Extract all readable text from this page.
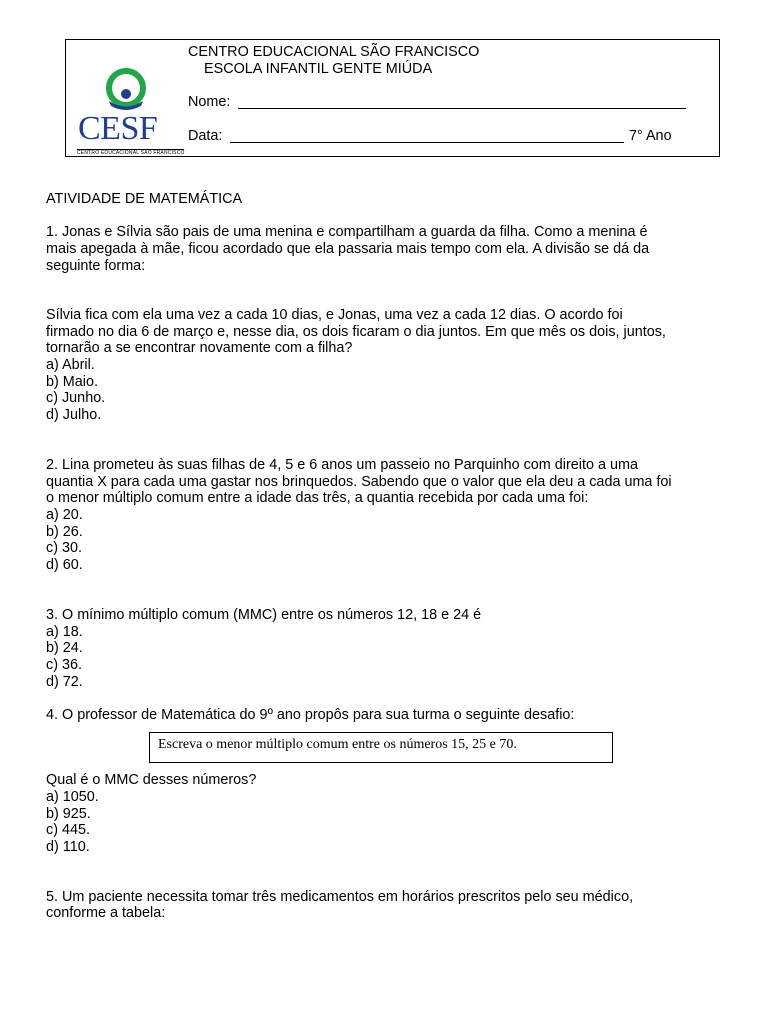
CESF
CENTRO EDUCACIONAL SÃO FRANCISCO
CENTRO EDUCACIONAL SÃO FRANCISCO
ESCOLA INFANTIL GENTE MIÚDA
Nome:
Data:	7° Ano
ATIVIDADE DE MATEMÁTICA
1. Jonas e Sílvia são pais de uma menina e compartilham a guarda da filha. Como a menina é
mais apegada à mãe, ficou acordado que ela passaria mais tempo com ela. A divisão se dá da
seguinte forma:
Sílvia fica com ela uma vez a cada 10 dias, e Jonas, uma vez a cada 12 dias. O acordo foi
firmado no dia 6 de março e, nesse dia, os dois ficaram o dia juntos. Em que mês os dois, juntos,
tornarão a se encontrar novamente com a filha?
a) Abril.
b) Maio.
c) Junho.
d) Julho.
2. Lina prometeu às suas filhas de 4, 5 e 6 anos um passeio no Parquinho com direito a uma
quantia X para cada uma gastar nos brinquedos. Sabendo que o valor que ela deu a cada uma foi
o menor múltiplo comum entre a idade das três, a quantia recebida por cada uma foi:
a) 20.
b) 26.
c) 30.
d) 60.
3. O mínimo múltiplo comum (MMC) entre os números 12, 18 e 24 é
a) 18.
b) 24.
c) 36.
d) 72.
4. O professor de Matemática do 9º ano propôs para sua turma o seguinte desafio:
Escreva o menor múltiplo comum entre os números 15, 25 e 70.
Qual é o MMC desses números?
a) 1050.
b) 925.
c) 445.
d) 110.
5. Um paciente necessita tomar três medicamentos em horários prescritos pelo seu médico,
conforme a tabela:
